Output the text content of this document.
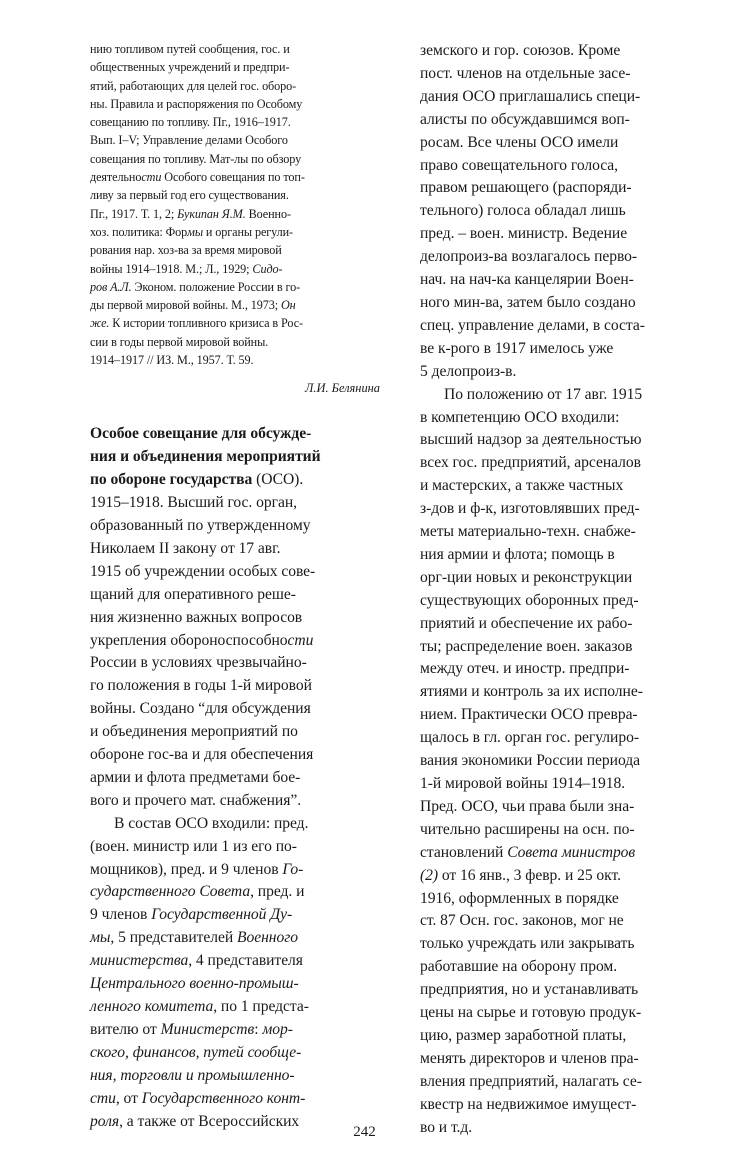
нию топливом путей сообщения, гос. и
общественных учреждений и предпри-
ятий, работающих для целей гос. оборо-
ны. Правила и распоряжения по Особому
совещанию по топливу. Пг., 1916–1917.
Вып. I–V; Управление делами Особого
совещания по топливу. Мат-лы по обзору
деятельности Особого совещания по топ-
ливу за первый год его существования.
Пг., 1917. Т. 1, 2; Букипан Я.М. Военно-
хоз. политика: Формы и органы регули-
рования нар. хоз-ва за время мировой
войны 1914–1918. М.; Л., 1929; Сидо-
ров А.Л. Эконом. положение России в го-
ды первой мировой войны. М., 1973; Он
же. К истории топливного кризиса в Рос-
сии в годы первой мировой войны.
1914–1917 // ИЗ. М., 1957. Т. 59.
Л.И. Белянина
Особое совещание для обсужде-
ния и объединения мероприятий
по обороне государства (ОСО).
1915–1918. Высший гос. орган,
образованный по утвержденному
Николаем II закону от 17 авг.
1915 об учреждении особых сове-
щаний для оперативного реше-
ния жизненно важных вопросов
укрепления обороноспособности
России в условиях чрезвычайно-
го положения в годы 1-й мировой
войны. Создано “для обсуждения
и объединения мероприятий по
обороне гос-ва и для обеспечения
армии и флота предметами бое-
вого и прочего мат. снабжения”.
В состав ОСО входили: пред.
(воен. министр или 1 из его по-
мощников), пред. и 9 членов Го-
сударственного Совета, пред. и
9 членов Государственной Ду-
мы, 5 представителей Военного
министерства, 4 представителя
Центрального военно-промыш-
ленного комитета, по 1 предста-
вителю от Министерств: мор-
ского, финансов, путей сообще-
ния, торговли и промышленно-
сти, от Государственного конт-
роля, а также от Всероссийских
земского и гор. союзов. Кроме
пост. членов на отдельные засе-
дания ОСО приглашались специ-
алисты по обсуждавшимся воп-
росам. Все члены ОСО имели
право совещательного голоса,
правом решающего (распоряди-
тельного) голоса обладал лишь
пред. – воен. министр. Ведение
делопроиз-ва возлагалось перво-
нач. на нач-ка канцелярии Воен-
ного мин-ва, затем было создано
спец. управление делами, в соста-
ве к-рого в 1917 имелось уже
5 делопроиз-в.
По положению от 17 авг. 1915
в компетенцию ОСО входили:
высший надзор за деятельностью
всех гос. предприятий, арсеналов
и мастерских, а также частных
з-дов и ф-к, изготовлявших пред-
меты материально-техн. снабже-
ния армии и флота; помощь в
орг-ции новых и реконструкции
существующих оборонных пред-
приятий и обеспечение их рабо-
ты; распределение воен. заказов
между отеч. и иностр. предпри-
ятиями и контроль за их исполне-
нием. Практически ОСО превра-
щалось в гл. орган гос. регулиро-
вания экономики России периода
1-й мировой войны 1914–1918.
Пред. ОСО, чьи права были зна-
чительно расширены на осн. по-
становлений Совета министров
(2) от 16 янв., 3 февр. и 25 окт.
1916, оформленных в порядке
ст. 87 Осн. гос. законов, мог не
только учреждать или закрывать
работавшие на оборону пром.
предприятия, но и устанавливать
цены на сырье и готовую продук-
цию, размер заработной платы,
менять директоров и членов пра-
вления предприятий, налагать се-
квестр на недвижимое имущест-
во и т.д.
242
